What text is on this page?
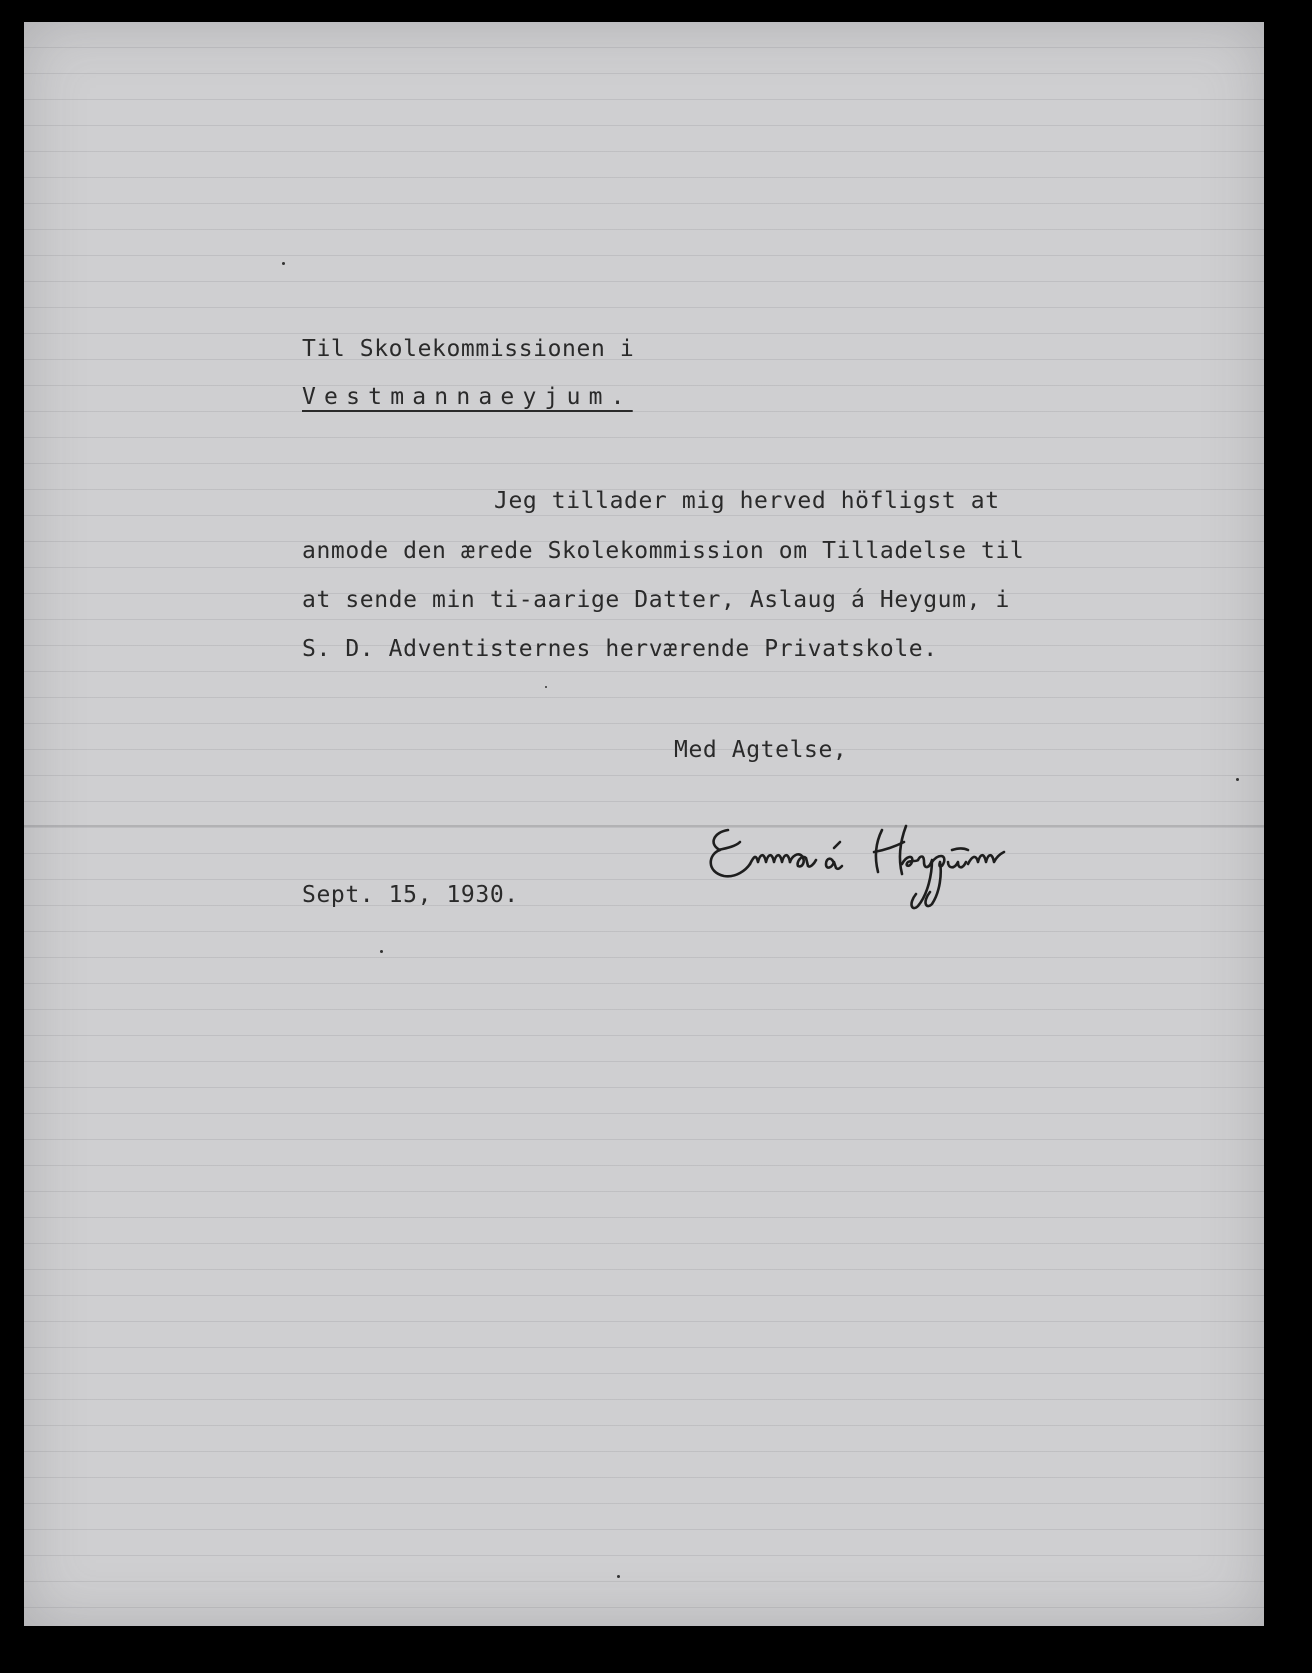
Til Skolekommissionen i
Vestmannaeyjum.
Jeg tillader mig herved höfligst at
anmode den ærede Skolekommission om Tilladelse til
at sende min ti-aarige Datter, Aslaug á Heygum, i
S. D. Adventisternes herværende Privatskole.
Med Agtelse,
Sept. 15, 1930.
